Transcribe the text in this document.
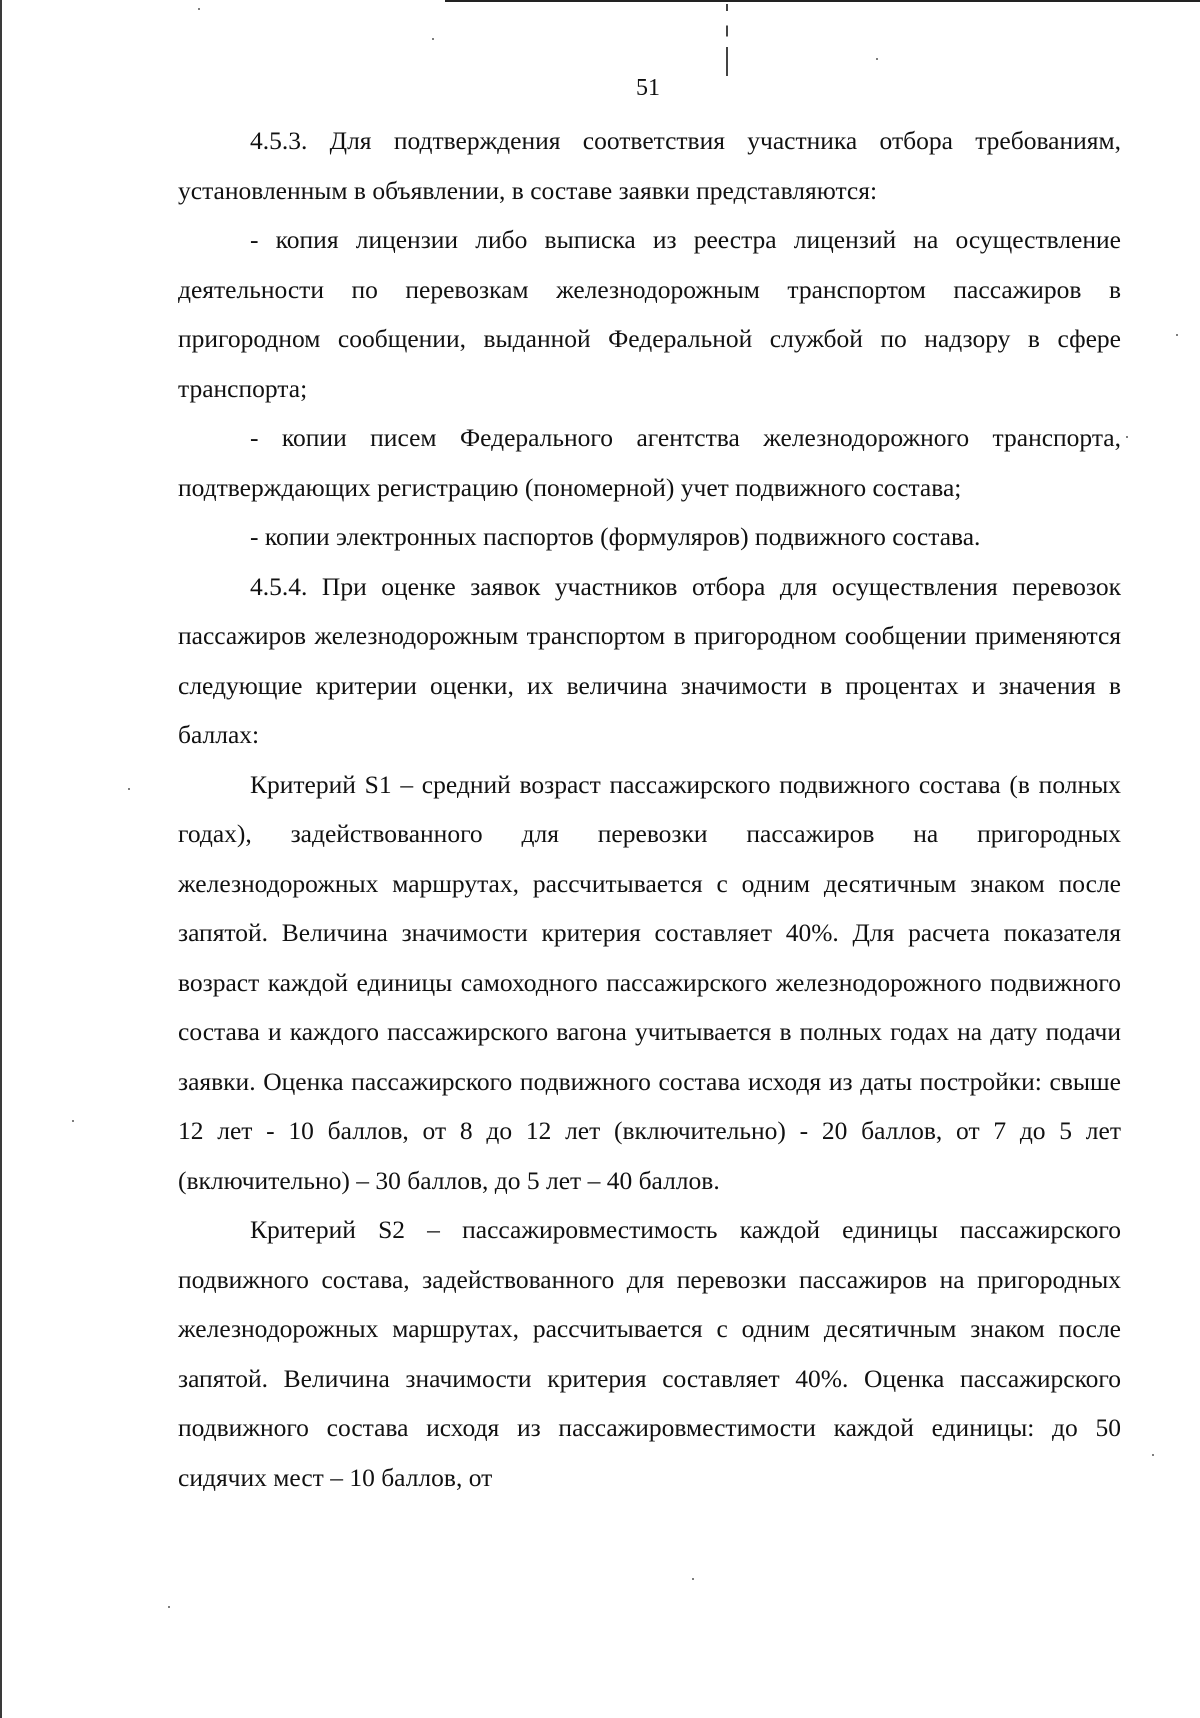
51

4.5.3. Для подтверждения соответствия участника отбора требованиям, установленным в объявлении, в составе заявки представляются:

- копия лицензии либо выписка из реестра лицензий на осуществление деятельности по перевозкам железнодорожным транспортом пассажиров в пригородном сообщении, выданной Федеральной службой по надзору в сфере транспорта;

- копии писем Федерального агентства железнодорожного транспорта, подтверждающих регистрацию (пономерной) учет подвижного состава;

- копии электронных паспортов (формуляров) подвижного состава.

4.5.4. При оценке заявок участников отбора для осуществления перевозок пассажиров железнодорожным транспортом в пригородном сообщении применяются следующие критерии оценки, их величина значимости в процентах и значения в баллах:

Критерий S1 – средний возраст пассажирского подвижного состава (в полных годах), задействованного для перевозки пассажиров на пригородных железнодорожных маршрутах, рассчитывается с одним десятичным знаком после запятой. Величина значимости критерия составляет 40%. Для расчета показателя возраст каждой единицы самоходного пассажирского железнодорожного подвижного состава и каждого пассажирского вагона учитывается в полных годах на дату подачи заявки. Оценка пассажирского подвижного состава исходя из даты постройки: свыше 12 лет - 10 баллов, от 8 до 12 лет (включительно) - 20 баллов, от 7 до 5 лет (включительно) – 30 баллов, до 5 лет – 40 баллов.

Критерий S2 – пассажировместимость каждой единицы пассажирского подвижного состава, задействованного для перевозки пассажиров на пригородных железнодорожных маршрутах, рассчитывается с одним десятичным знаком после запятой. Величина значимости критерия составляет 40%. Оценка пассажирского подвижного состава исходя из пассажировместимости каждой единицы: до 50 сидячих мест – 10 баллов, от
